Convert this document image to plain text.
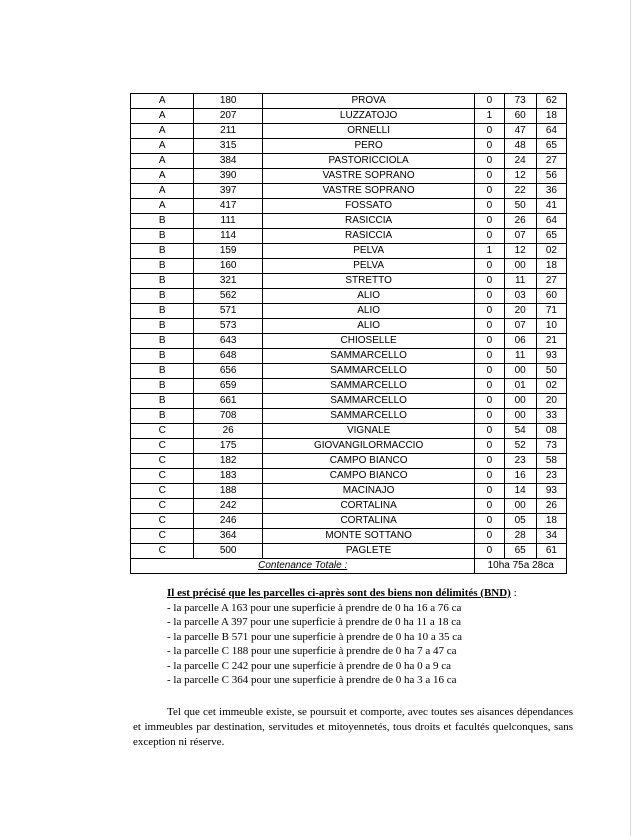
A	180	PROVA	0	73	62
A	207	LUZZATOJO	1	60	18
A	211	ORNELLI	0	47	64
A	315	PERO	0	48	65
A	384	PASTORICCIOLA	0	24	27
A	390	VASTRE SOPRANO	0	12	56
A	397	VASTRE SOPRANO	0	22	36
A	417	FOSSATO	0	50	41
B	111	RASICCIA	0	26	64
B	114	RASICCIA	0	07	65
B	159	PELVA	1	12	02
B	160	PELVA	0	00	18
B	321	STRETTO	0	11	27
B	562	ALIO	0	03	60
B	571	ALIO	0	20	71
B	573	ALIO	0	07	10
B	643	CHIOSELLE	0	06	21
B	648	SAMMARCELLO	0	11	93
B	656	SAMMARCELLO	0	00	50
B	659	SAMMARCELLO	0	01	02
B	661	SAMMARCELLO	0	00	20
B	708	SAMMARCELLO	0	00	33
C	26	VIGNALE	0	54	08
C	175	GIOVANGILORMACCIO	0	52	73
C	182	CAMPO BIANCO	0	23	58
C	183	CAMPO BIANCO	0	16	23
C	188	MACINAJO	0	14	93
C	242	CORTALINA	0	00	26
C	246	CORTALINA	0	05	18
C	364	MONTE SOTTANO	0	28	34
C	500	PAGLETE	0	65	61
Contenance Totale :			10ha 75a 28ca		
Il est précisé que les parcelles ci-après sont des biens non délimités (BND) :
- la parcelle A 163 pour une superficie à prendre de 0 ha 16 a 76 ca
- la parcelle A 397 pour une superficie à prendre de 0 ha 11 a 18 ca
- la parcelle B 571 pour une superficie à prendre de 0 ha 10 a 35 ca
- la parcelle C 188 pour une superficie à prendre de 0 ha 7 a 47 ca
- la parcelle C 242 pour une superficie à prendre de 0 ha 0 a 9 ca
- la parcelle C 364 pour une superficie à prendre de 0 ha 3 a 16 ca
Tel que cet immeuble existe, se poursuit et comporte, avec toutes ses aisances dépendances et immeubles par destination, servitudes et mitoyennetés, tous droits et facultés quelconques, sans exception ni réserve.
